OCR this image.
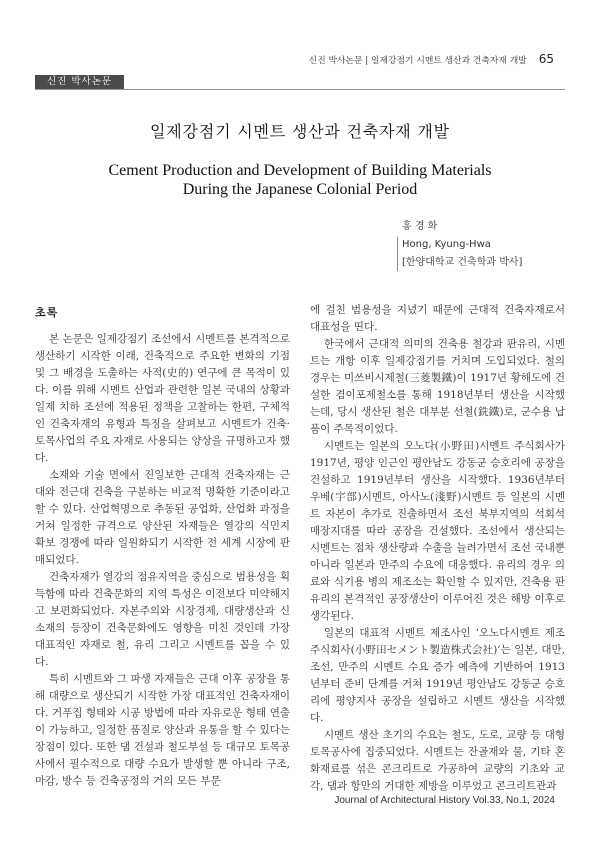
신진 박사논문 | 일제강점기 시멘트 생산과 건축자재 개발 65
신진 박사논문
일제강점기 시멘트 생산과 건축자재 개발
Cement Production and Development of Building Materials
During the Japanese Colonial Period
홍 경 화
Hong, Kyung-Hwa
[한양대학교 건축학과 박사]
초록

본 논문은 일제강점기 조선에서 시멘트를 본격적으로 생산하기 시작한 이래, 건축적으로 주요한 변화의 기점 및 그 배경을 도출하는 사적(史的) 연구에 큰 목적이 있다. 이를 위해 시멘트 산업과 관련한 일본 국내의 상황과 일제 치하 조선에 적용된 정책을 고찰하는 한편, 구체적인 건축자재의 유형과 특징을 살펴보고 시멘트가 건축·토목사업의 주요 자재로 사용되는 양상을 규명하고자 했다.

소재와 기술 면에서 진일보한 근대적 건축자재는 근대와 전근대 건축을 구분하는 비교적 명확한 기준이라고 할 수 있다. 산업혁명으로 추동된 공업화, 산업화 과정을 거쳐 일정한 규격으로 양산된 자재들은 열강의 식민지 확보 경쟁에 따라 일원화되기 시작한 전 세계 시장에 판매되었다.

건축자재가 열강의 점유지역을 중심으로 범용성을 획득함에 따라 건축문화의 지역 특성은 이전보다 미약해지고 보편화되었다. 자본주의와 시장경제, 대량생산과 신소재의 등장이 건축문화에도 영향을 미친 것인데 가장 대표적인 자재로 철, 유리 그리고 시멘트를 꼽을 수 있다.

특히 시멘트와 그 파생 자재들은 근대 이후 공장을 통해 대량으로 생산되기 시작한 가장 대표적인 건축자재이다. 거푸집 형태와 시공 방법에 따라 자유로운 형태 연출이 가능하고, 일정한 품질로 양산과 유통을 할 수 있다는 장점이 있다. 또한 댐 건설과 철도부설 등 대규모 토목공사에서 필수적으로 대량 수요가 발생할 뿐 아니라 구조, 마감, 방수 등 건축공정의 거의 모든 부문

에 걸친 범용성을 지녔기 때문에 근대적 건축자재로서 대표성을 띤다.

한국에서 근대적 의미의 건축용 철강과 판유리, 시멘트는 개항 이후 일제강점기를 거치며 도입되었다. 철의 경우는 미쓰비시제철(三菱製鐵)이 1917년 황해도에 건설한 겸이포제철소를 통해 1918년부터 생산을 시작했는데, 당시 생산된 철은 대부분 선철(銑鐵)로, 군수용 납품이 주목적이었다.

시멘트는 일본의 오노다(小野田)시멘트 주식회사가 1917년, 평양 인근인 평안남도 강동군 승호리에 공장을 건설하고 1919년부터 생산을 시작했다. 1936년부터 우베(宇部)시멘트, 아사노(淺野)시멘트 등 일본의 시멘트 자본이 추가로 진출하면서 조선 북부지역의 석회석 매장지대를 따라 공장을 건설했다. 조선에서 생산되는 시멘트는 점차 생산량과 수출을 늘려가면서 조선 국내뿐 아니라 일본과 만주의 수요에 대응했다. 유리의 경우 의료와 식기용 병의 제조소는 확인할 수 있지만, 건축용 판유리의 본격적인 공장생산이 이루어진 것은 해방 이후로 생각된다.

일본의 대표적 시멘트 제조사인 ‘오노다시멘트 제조주식회사(小野田セメント製造株式会社)’는 일본, 대만, 조선, 만주의 시멘트 수요 증가 예측에 기반하여 1913년부터 준비 단계를 거쳐 1919년 평안남도 강동군 승호리에 평양지사 공장을 설립하고 시멘트 생산을 시작했다.

시멘트 생산 초기의 수요는 철도, 도로, 교량 등 대형 토목공사에 집중되었다. 시멘트는 잔골재와 물, 기타 혼화재료를 섞은 콘크리트로 가공하여 교량의 기초와 교각, 댐과 항만의 거대한 제방을 이루었고 콘크리트관과

Journal of Architectural History Vol.33, No.1, 2024
